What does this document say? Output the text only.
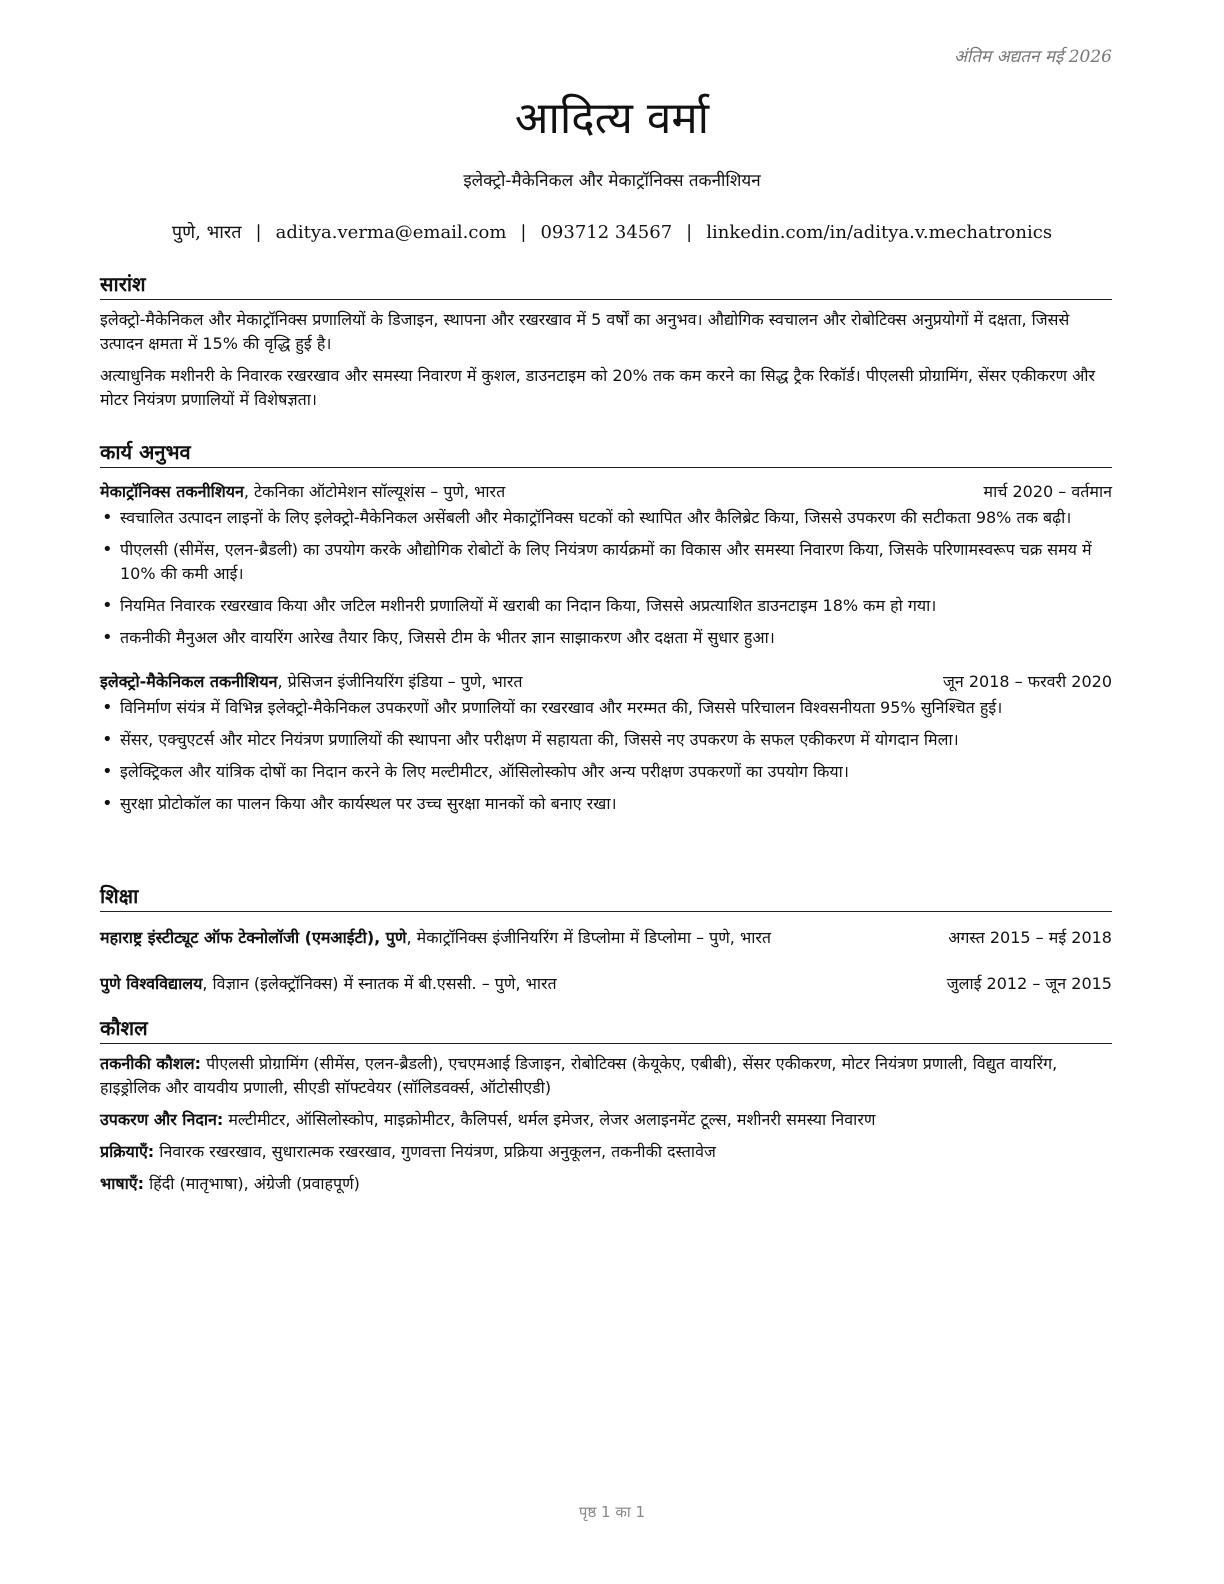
अंतिम अद्यतन मई 2026
आदित्य वर्मा
इलेक्ट्रो-मैकेनिकल और मेकाट्रॉनिक्स तकनीशियन
पुणे, भारत | aditya.verma@email.com | 093712 34567 | linkedin.com/in/aditya.v.mechatronics
सारांश

इलेक्ट्रो-मैकेनिकल और मेकाट्रॉनिक्स प्रणालियों के डिजाइन, स्थापना और रखरखाव में 5 वर्षों का अनुभव। औद्योगिक स्वचालन और रोबोटिक्स अनुप्रयोगों में दक्षता, जिससे उत्पादन क्षमता में 15% की वृद्धि हुई है।

अत्याधुनिक मशीनरी के निवारक रखरखाव और समस्या निवारण में कुशल, डाउनटाइम को 20% तक कम करने का सिद्ध ट्रैक रिकॉर्ड। पीएलसी प्रोग्रामिंग, सेंसर एकीकरण और मोटर नियंत्रण प्रणालियों में विशेषज्ञता।

कार्य अनुभव
मेकाट्रॉनिक्स तकनीशियन, टेकनिका ऑटोमेशन सॉल्यूशंस – पुणे, भारत	मार्च 2020 – वर्तमान
• स्वचालित उत्पादन लाइनों के लिए इलेक्ट्रो-मैकेनिकल असेंबली और मेकाट्रॉनिक्स घटकों को स्थापित और कैलिब्रेट किया, जिससे उपकरण की सटीकता 98% तक बढ़ी।
• पीएलसी (सीमेंस, एलन-ब्रैडली) का उपयोग करके औद्योगिक रोबोटों के लिए नियंत्रण कार्यक्रमों का विकास और समस्या निवारण किया, जिसके परिणामस्वरूप चक्र समय में 10% की कमी आई।
• नियमित निवारक रखरखाव किया और जटिल मशीनरी प्रणालियों में खराबी का निदान किया, जिससे अप्रत्याशित डाउनटाइम 18% कम हो गया।
• तकनीकी मैनुअल और वायरिंग आरेख तैयार किए, जिससे टीम के भीतर ज्ञान साझाकरण और दक्षता में सुधार हुआ।
इलेक्ट्रो-मैकेनिकल तकनीशियन, प्रेसिजन इंजीनियरिंग इंडिया – पुणे, भारत	जून 2018 – फरवरी 2020
• विनिर्माण संयंत्र में विभिन्न इलेक्ट्रो-मैकेनिकल उपकरणों और प्रणालियों का रखरखाव और मरम्मत की, जिससे परिचालन विश्वसनीयता 95% सुनिश्चित हुई।
• सेंसर, एक्चुएटर्स और मोटर नियंत्रण प्रणालियों की स्थापना और परीक्षण में सहायता की, जिससे नए उपकरण के सफल एकीकरण में योगदान मिला।
• इलेक्ट्रिकल और यांत्रिक दोषों का निदान करने के लिए मल्टीमीटर, ऑसिलोस्कोप और अन्य परीक्षण उपकरणों का उपयोग किया।
• सुरक्षा प्रोटोकॉल का पालन किया और कार्यस्थल पर उच्च सुरक्षा मानकों को बनाए रखा।
शिक्षा
महाराष्ट्र इंस्टीट्यूट ऑफ टेक्नोलॉजी (एमआईटी), पुणे, मेकाट्रॉनिक्स इंजीनियरिंग में डिप्लोमा में डिप्लोमा – पुणे, भारत	अगस्त 2015 – मई 2018
पुणे विश्वविद्यालय, विज्ञान (इलेक्ट्रॉनिक्स) में स्नातक में बी.एससी. – पुणे, भारत	जुलाई 2012 – जून 2015
कौशल

तकनीकी कौशल: पीएलसी प्रोग्रामिंग (सीमेंस, एलन-ब्रैडली), एचएमआई डिजाइन, रोबोटिक्स (केयूकेए, एबीबी), सेंसर एकीकरण, मोटर नियंत्रण प्रणाली, विद्युत वायरिंग, हाइड्रोलिक और वायवीय प्रणाली, सीएडी सॉफ्टवेयर (सॉलिडवर्क्स, ऑटोसीएडी)

उपकरण और निदान: मल्टीमीटर, ऑसिलोस्कोप, माइक्रोमीटर, कैलिपर्स, थर्मल इमेजर, लेजर अलाइनमेंट टूल्स, मशीनरी समस्या निवारण

प्रक्रियाएँ: निवारक रखरखाव, सुधारात्मक रखरखाव, गुणवत्ता नियंत्रण, प्रक्रिया अनुकूलन, तकनीकी दस्तावेज

भाषाएँ: हिंदी (मातृभाषा), अंग्रेजी (प्रवाहपूर्ण)

पृष्ठ 1 का 1
